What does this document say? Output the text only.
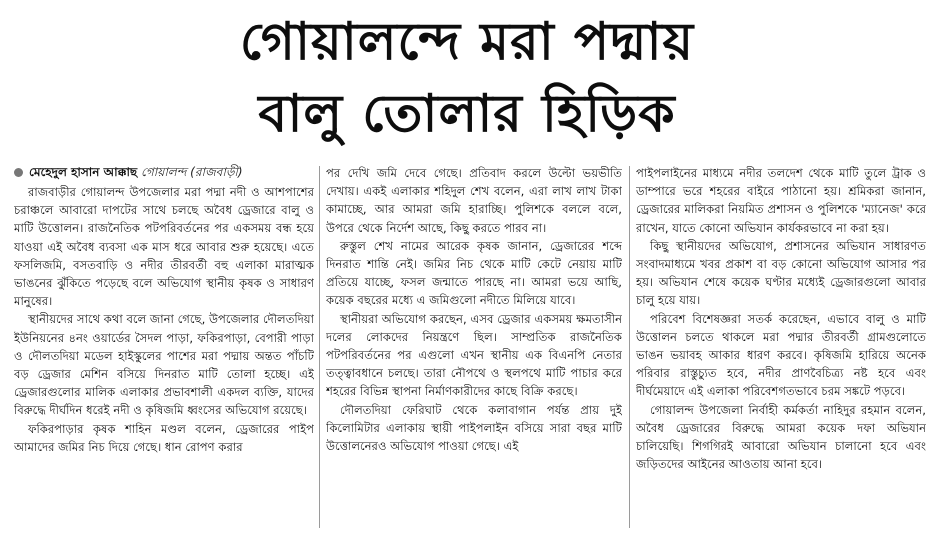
গোয়ালন্দে মরা পদ্মায়
বালু তোলার হিড়িক
মেহেদুল হাসান আক্কাছ গোয়ালন্দ (রাজবাড়ী)

রাজবাড়ীর গোয়ালন্দ উপজেলার মরা পদ্মা নদী ও আশপাশের চরাঞ্চলে আবারো দাপটের সাথে চলছে অবৈধ ড্রেজারে বালু ও মাটি উত্তোলন। রাজনৈতিক পটপরিবর্তনের পর একসময় বন্ধ হয়ে যাওয়া এই অবৈধ ব্যবসা এক মাস ধরে আবার শুরু হয়েছে। এতে ফসলিজমি, বসতবাড়ি ও নদীর তীরবর্তী বহু এলাকা মারাত্মক ভাঙনের ঝুঁকিতে পড়েছে বলে অভিযোগ স্থানীয় কৃষক ও সাধারণ মানুষের।

স্থানীয়দের সাথে কথা বলে জানা গেছে, উপজেলার দৌলতদিয়া ইউনিয়নের ৪নং ওয়ার্ডের সৈদল পাড়া, ফকিরপাড়া, বেপারী পাড়া ও দৌলতদিয়া মডেল হাইস্কুলের পাশের মরা পদ্মায় অন্তত পাঁচটি বড় ড্রেজার মেশিন বসিয়ে দিনরাত মাটি তোলা হচ্ছে। এই ড্রেজারগুলোর মালিক এলাকার প্রভাবশালী একদল ব্যক্তি, যাদের বিরুদ্ধে দীর্ঘদিন ধরেই নদী ও কৃষিজমি ধ্বংসের অভিযোগ রয়েছে।

ফকিরপাড়ার কৃষক শাহিন মণ্ডল বলেন, ড্রেজারের পাইপ আমাদের জমির নিচ দিয়ে গেছে। ধান রোপণ করার

পর দেখি জমি দেবে গেছে। প্রতিবাদ করলে উল্টো ভয়ভীতি দেখায়। একই এলাকার শহিদুল শেখ বলেন, এরা লাখ লাখ টাকা কামাচ্ছে, আর আমরা জমি হারাচ্ছি। পুলিশকে বললে বলে, উপরে থেকে নির্দেশ আছে, কিছু করতে পারব না।

রুস্তুল শেখ নামের আরেক কৃষক জানান, ড্রেজারের শব্দে দিনরাত শান্তি নেই। জমির নিচ থেকে মাটি কেটে নেয়ায় মাটি প্রতিয়ে যাচ্ছে, ফসল জন্মাতে পারছে না। আমরা ভয়ে আছি, কয়েক বছরের মধ্যে এ জমিগুলো নদীতে মিলিয়ে যাবে।

স্থানীয়রা অভিযোগ করছেন, এসব ড্রেজার একসময় ক্ষমতাসীন দলের লোকদের নিয়ন্ত্রণে ছিল। সাম্প্রতিক রাজনৈতিক পটপরিবর্তনের পর এগুলো এখন স্থানীয় এক বিএনপি নেতার তত্ত্বাবধানে চলছে। তারা নৌপথে ও স্থলপথে মাটি পাচার করে শহরের বিভিন্ন স্থাপনা নির্মাণকারীদের কাছে বিক্রি করছে।

দৌলতদিয়া ফেরিঘাট থেকে কলাবাগান পর্যন্ত প্রায় দুই কিলোমিটার এলাকায় স্থায়ী পাইপলাইন বসিয়ে সারা বছর মাটি উত্তোলনেরও অভিযোগ পাওয়া গেছে। এই

পাইপলাইনের মাধ্যমে নদীর তলদেশ থেকে মাটি তুলে ট্রাক ও ডাম্পারে ভরে শহরের বাইরে পাঠানো হয়। শ্রমিকরা জানান, ড্রেজারের মালিকরা নিয়মিত প্রশাসন ও পুলিশকে 'ম্যানেজ' করে রাখেন, যাতে কোনো অভিযান কার্যকরভাবে না করা হয়।

কিছু স্থানীয়দের অভিযোগ, প্রশাসনের অভিযান সাধারণত সংবাদমাধ্যমে খবর প্রকাশ বা বড় কোনো অভিযোগ আসার পর হয়। অভিযান শেষে কয়েক ঘণ্টার মধ্যেই ড্রেজারগুলো আবার চালু হয়ে যায়।

পরিবেশ বিশেষজ্ঞরা সতর্ক করেছেন, এভাবে বালু ও মাটি উত্তোলন চলতে থাকলে মরা পদ্মার তীরবর্তী গ্রামগুলোতে ভাঙন ভয়াবহ আকার ধারণ করবে। কৃষিজমি হারিয়ে অনেক পরিবার রাস্তুচ্যুত হবে, নদীর প্রাণবৈচিত্র্য নষ্ট হবে এবং দীর্ঘমেয়াদে এই এলাকা পরিবেশগতভাবে চরম সঙ্কটে পড়বে।

গোয়ালন্দ উপজেলা নির্বাহী কর্মকর্তা নাহিদুর রহমান বলেন, অবৈধ ড্রেজারের বিরুদ্ধে আমরা কয়েক দফা অভিযান চালিয়েছি। শিগগিরই আবারো অভিযান চালানো হবে এবং জড়িতদের আইনের আওতায় আনা হবে।
